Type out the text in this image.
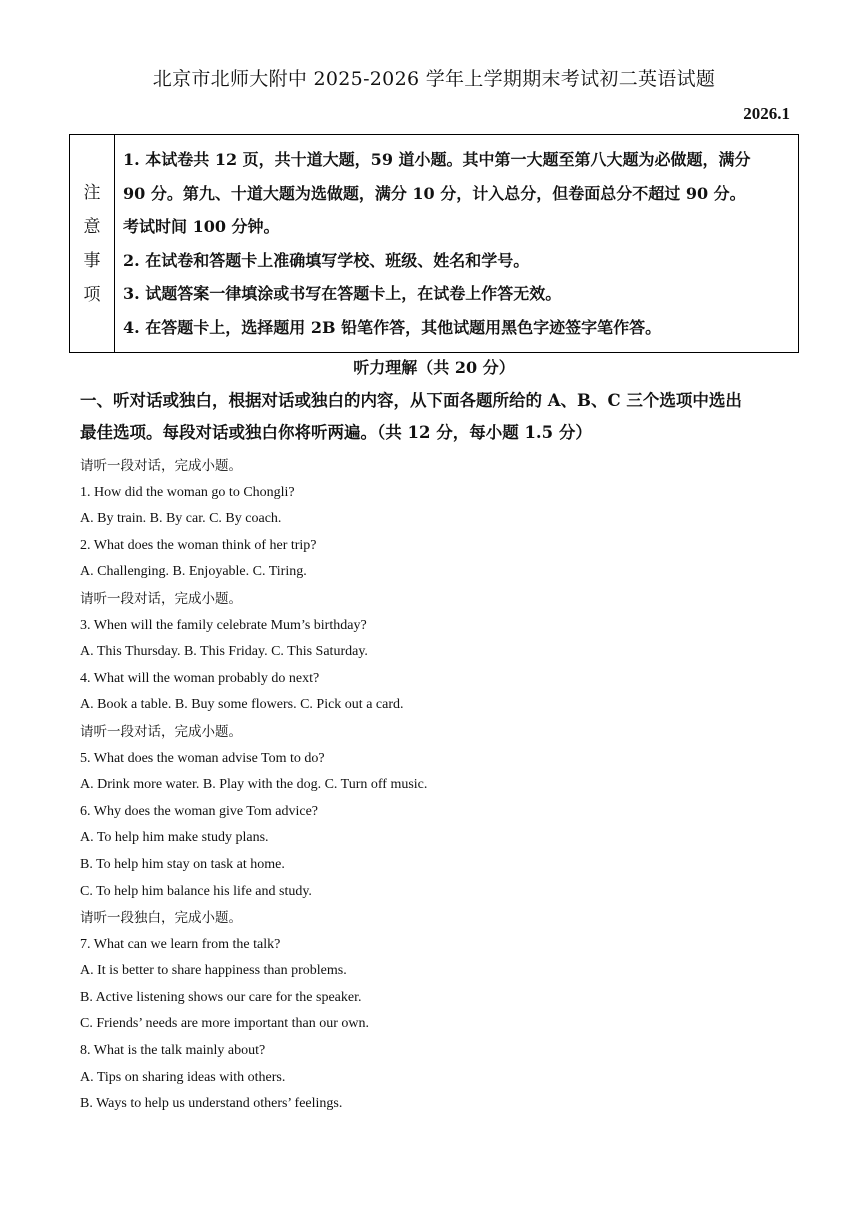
北京市北师大附中 2025-2026 学年上学期期末考试初二英语试题
2026.1
注
意
事
项

1. 本试卷共 12 页，共十道大题，59 道小题。其中第一大题至第八大题为必做题，满分
90 分。第九、十道大题为选做题，满分 10 分，计入总分，但卷面总分不超过 90 分。
考试时间 100 分钟。
2. 在试卷和答题卡上准确填写学校、班级、姓名和学号。
3. 试题答案一律填涂或书写在答题卡上，在试卷上作答无效。
4. 在答题卡上，选择题用 2B 铅笔作答，其他试题用黑色字迹签字笔作答。
听力理解（共 20 分）
一、听对话或独白，根据对话或独白的内容，从下面各题所给的 A、B、C 三个选项中选出
最佳选项。每段对话或独白你将听两遍。（共 12 分，每小题 1.5 分）
请听一段对话，完成小题。
1. How did the woman go to Chongli?
A. By train. B. By car. C. By coach.
2. What does the woman think of her trip?
A. Challenging. B. Enjoyable. C. Tiring.
请听一段对话，完成小题。
3. When will the family celebrate Mum’s birthday?
A. This Thursday. B. This Friday. C. This Saturday.
4. What will the woman probably do next?
A. Book a table. B. Buy some flowers. C. Pick out a card.
请听一段对话，完成小题。
5. What does the woman advise Tom to do?
A. Drink more water. B. Play with the dog. C. Turn off music.
6. Why does the woman give Tom advice?
A. To help him make study plans.
B. To help him stay on task at home.
C. To help him balance his life and study.
请听一段独白，完成小题。
7. What can we learn from the talk?
A. It is better to share happiness than problems.
B. Active listening shows our care for the speaker.
C. Friends’ needs are more important than our own.
8. What is the talk mainly about?
A. Tips on sharing ideas with others.
B. Ways to help us understand others’ feelings.
